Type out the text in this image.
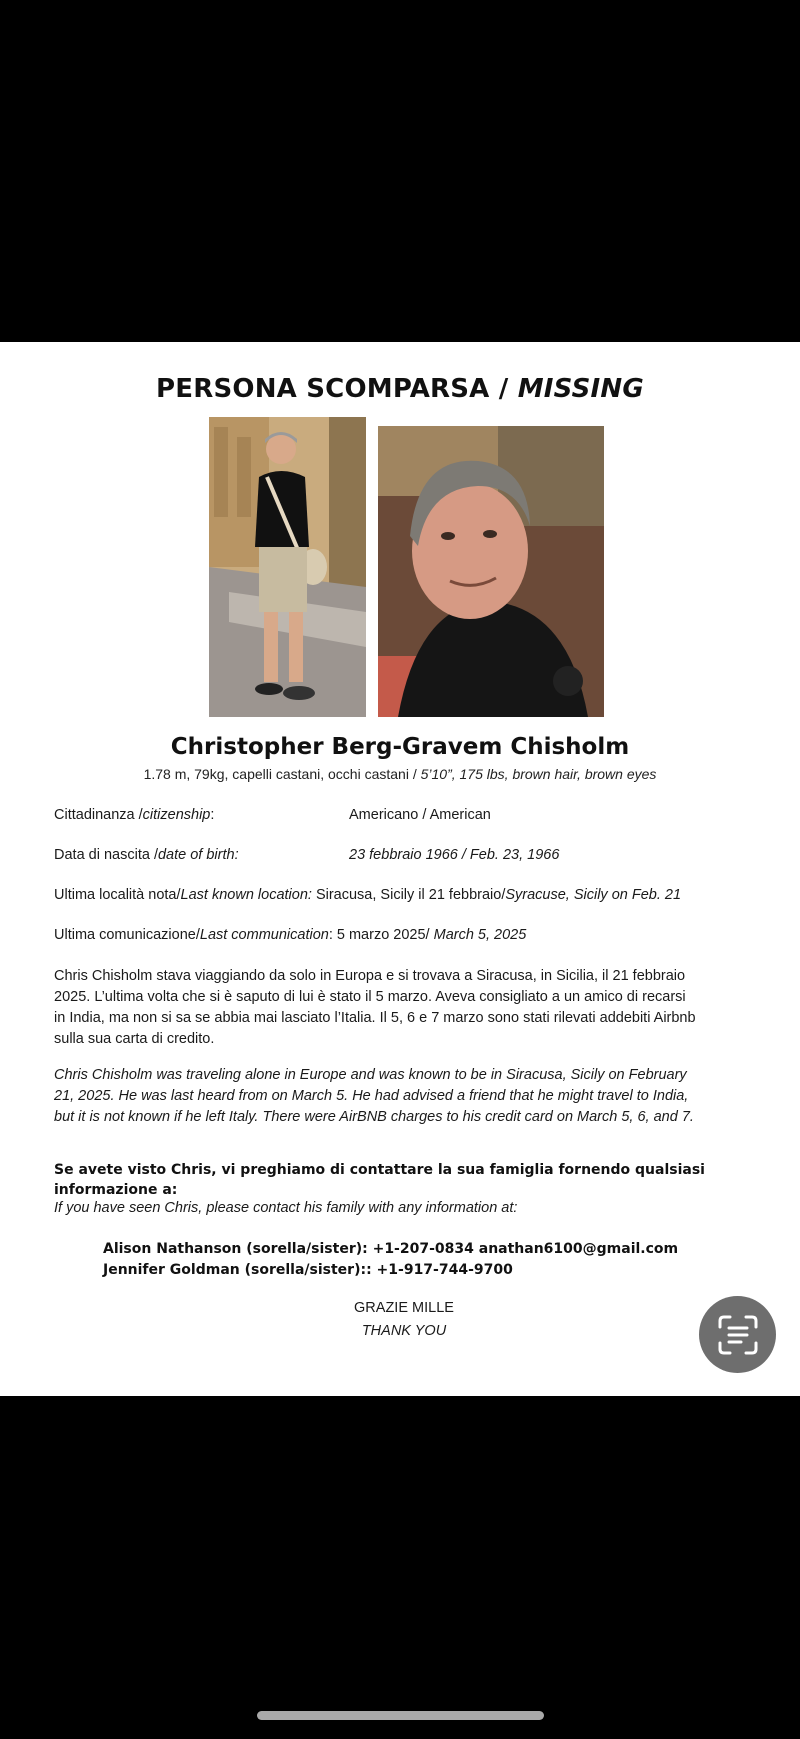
PERSONA SCOMPARSA / MISSING
Christopher Berg-Gravem Chisholm
1.78 m, 79kg, capelli castani, occhi castani / 5’10”, 175 lbs, brown hair, brown eyes
Cittadinanza /citizenship:	Americano / American
Data di nascita /date of birth:	23 febbraio 1966 / Feb. 23, 1966
Ultima località nota/Last known location: Siracusa, Sicily il 21 febbraio/Syracuse, Sicily on Feb. 21
Ultima comunicazione/Last communication: 5 marzo 2025/ March 5, 2025
Chris Chisholm stava viaggiando da solo in Europa e si trovava a Siracusa, in Sicilia, il 21 febbraio
2025. L’ultima volta che si è saputo di lui è stato il 5 marzo. Aveva consigliato a un amico di recarsi
in India, ma non si sa se abbia mai lasciato l’Italia. Il 5, 6 e 7 marzo sono stati rilevati addebiti Airbnb
sulla sua carta di credito.
Chris Chisholm was traveling alone in Europe and was known to be in Siracusa, Sicily on February
21, 2025. He was last heard from on March 5. He had advised a friend that he might travel to India,
but it is not known if he left Italy. There were AirBNB charges to his credit card on March 5, 6, and 7.
Se avete visto Chris, vi preghiamo di contattare la sua famiglia fornendo qualsiasi
informazione a:
If you have seen Chris, please contact his family with any information at:
Alison Nathanson (sorella/sister): +1-207-0834 anathan6100@gmail.com
Jennifer Goldman (sorella/sister):: +1-917-744-9700
GRAZIE MILLE
THANK YOU
